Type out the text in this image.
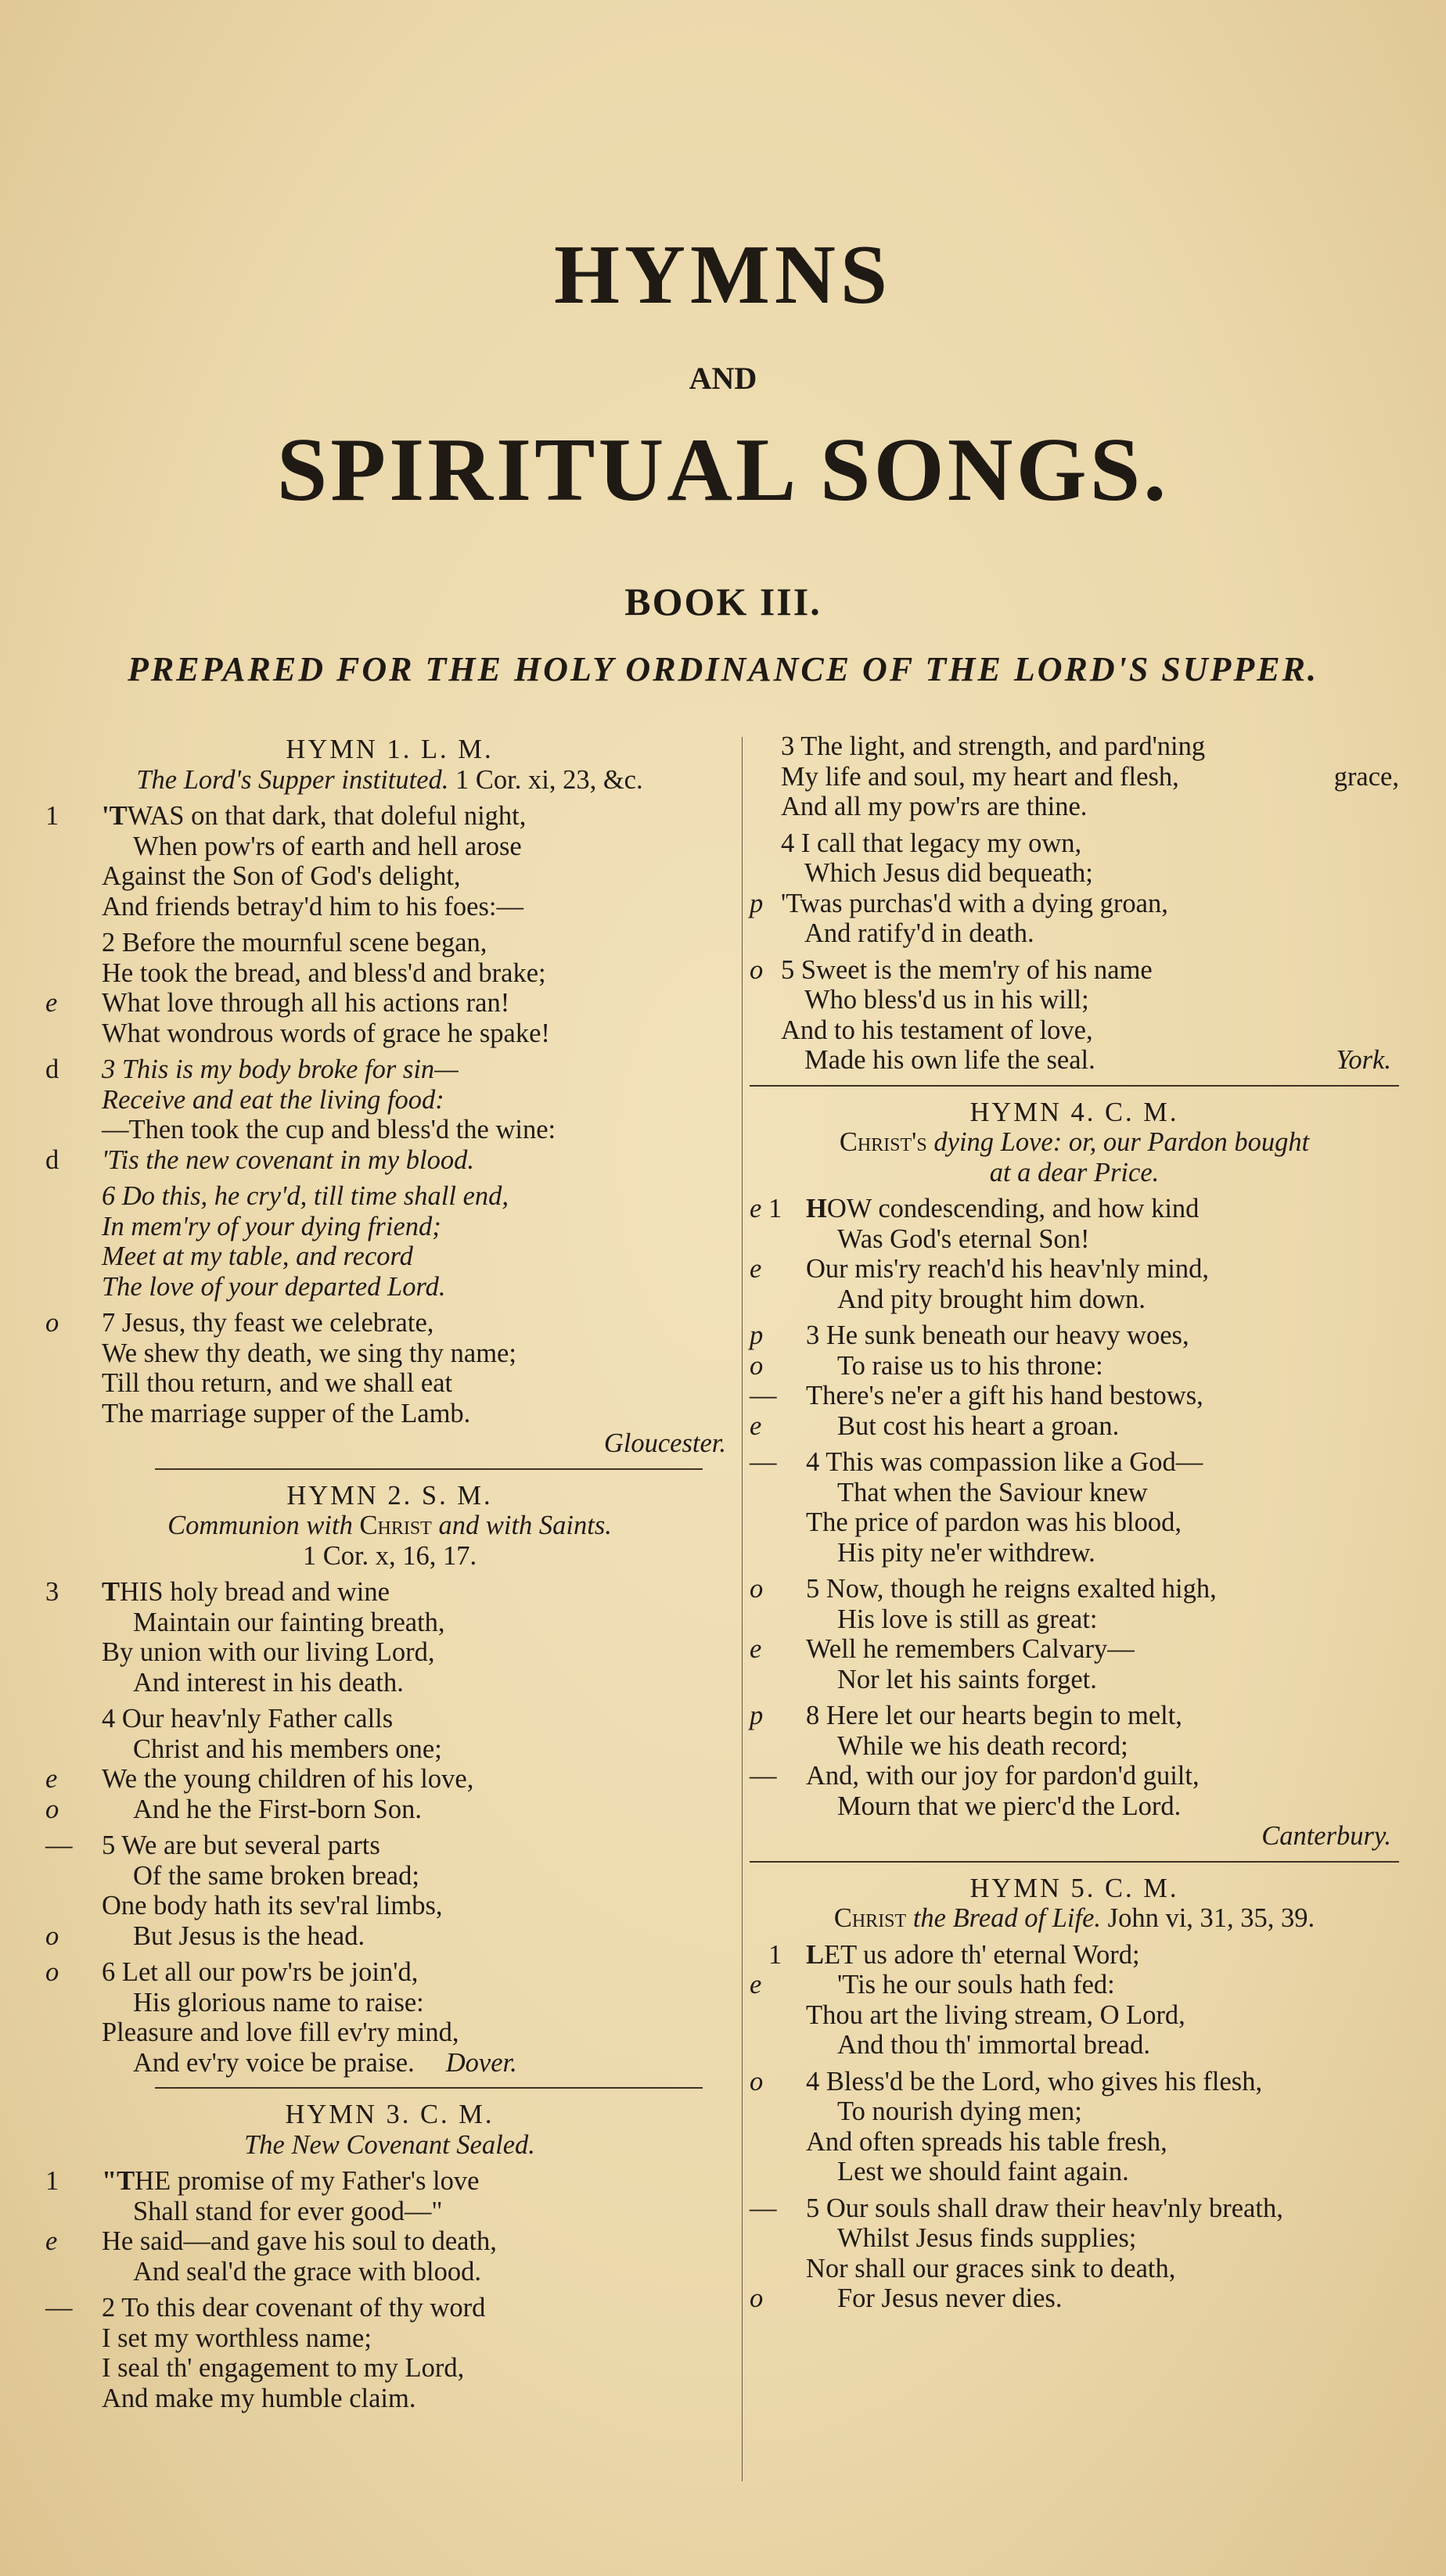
HYMNS
AND
SPIRITUAL SONGS.
BOOK III.
PREPARED FOR THE HOLY ORDINANCE OF THE LORD'S SUPPER.
HYMN 1. L. M.
The Lord's Supper instituted. 1 Cor. xi, 23, &c.
1	'TWAS on that dark, that doleful night,
When pow'rs of earth and hell arose
Against the Son of God's delight,
And friends betray'd him to his foes:—
2 Before the mournful scene began,
He took the bread, and bless'd and brake;
e	What love through all his actions ran!
What wondrous words of grace he spake!
d	3 This is my body broke for sin—
Receive and eat the living food:
—Then took the cup and bless'd the wine:
d	'Tis the new covenant in my blood.
6 Do this, he cry'd, till time shall end,
In mem'ry of your dying friend;
Meet at my table, and record
The love of your departed Lord.
o	7 Jesus, thy feast we celebrate,
We shew thy death, we sing thy name;
Till thou return, and we shall eat
The marriage supper of the Lamb.
Gloucester.
HYMN 2. S. M.
Communion with Christ and with Saints.
1 Cor. x, 16, 17.
3	THIS holy bread and wine
Maintain our fainting breath,
By union with our living Lord,
And interest in his death.
4 Our heav'nly Father calls
Christ and his members one;
e	We the young children of his love,
o	And he the First-born Son.
—	5 We are but several parts
Of the same broken bread;
One body hath its sev'ral limbs,
o	But Jesus is the head.
o	6 Let all our pow'rs be join'd,
His glorious name to raise:
Pleasure and love fill ev'ry mind,
And ev'ry voice be praise. Dover.
HYMN 3. C. M.
The New Covenant Sealed.
1	"THE promise of my Father's love
Shall stand for ever good—"
e	He said—and gave his soul to death,
And seal'd the grace with blood.
—	2 To this dear covenant of thy word
I set my worthless name;
I seal th' engagement to my Lord,
And make my humble claim.
3 The light, and strength, and pard'ning
My life and soul, my heart and flesh,	grace,
And all my pow'rs are thine.
4 I call that legacy my own,
Which Jesus did bequeath;
p 'Twas purchas'd with a dying groan,
And ratify'd in death.
o 5 Sweet is the mem'ry of his name
Who bless'd us in his will;
And to his testament of love,
Made his own life the seal.	York.
HYMN 4. C. M.
Christ's dying Love: or, our Pardon bought
at a dear Price.
e 1 HOW condescending, and how kind
Was God's eternal Son!
e	Our mis'ry reach'd his heav'nly mind,
And pity brought him down.
p	3 He sunk beneath our heavy woes,
o	To raise us to his throne:
—	There's ne'er a gift his hand bestows,
e	But cost his heart a groan.
—	4 This was compassion like a God—
That when the Saviour knew
The price of pardon was his blood,
His pity ne'er withdrew.
o	5 Now, though he reigns exalted high,
His love is still as great:
e	Well he remembers Calvary—
Nor let his saints forget.
p	8 Here let our hearts begin to melt,
While we his death record;
—	And, with our joy for pardon'd guilt,
Mourn that we pierc'd the Lord.
Canterbury.
HYMN 5. C. M.
Christ the Bread of Life. John vi, 31, 35, 39.
1 LET us adore th' eternal Word;
e	'Tis he our souls hath fed:
Thou art the living stream, O Lord,
And thou th' immortal bread.
o	4 Bless'd be the Lord, who gives his flesh,
To nourish dying men;
And often spreads his table fresh,
Lest we should faint again.
—	5 Our souls shall draw their heav'nly breath,
Whilst Jesus finds supplies;
Nor shall our graces sink to death,
o	For Jesus never dies.
